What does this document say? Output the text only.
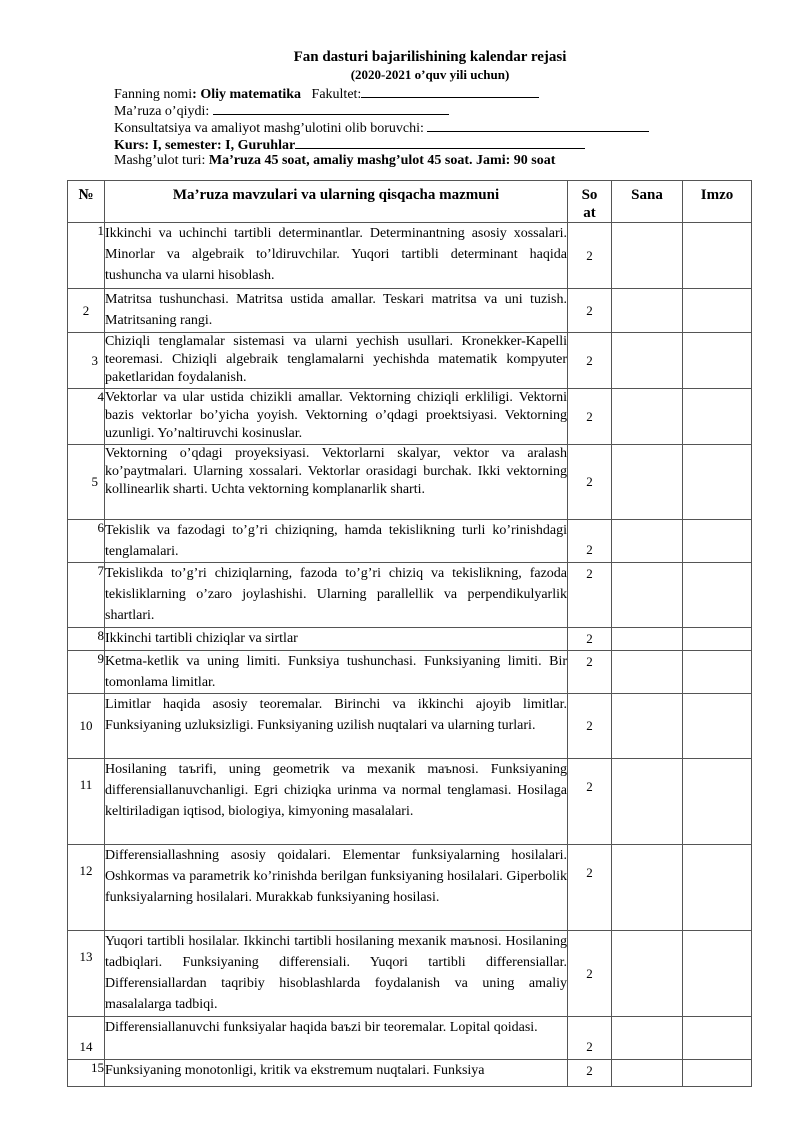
Fan dasturi bajarilishining kalendar rejasi
(2020-2021 o’quv yili uchun)
Fanning nomi: Oliy matematika Fakultet:
Ma’ruza o’qiydi:
Konsultatsiya va amaliyot mashg’ulotini olib boruvchi:
Kurs: I, semester: I, Guruhlar
Mashg’ulot turi: Ma’ruza 45 soat, amaliy mashg’ulot 45 soat. Jami: 90 soat
№	Ma’ruza mavzulari va ularning qisqacha mazmuni	Soat	Sana	Imzo
1	Ikkinchi va uchinchi tartibli determinantlar. Determinantning asosiy xossalari. Minorlar va algebraik to’ldiruvchilar. Yuqori tartibli determinant haqida tushuncha va ularni hisoblash.	2		
2	Matritsa tushunchasi. Matritsa ustida amallar. Teskari matritsa va uni tuzish. Matritsaning rangi.	2		
3	Chiziqli tenglamalar sistemasi va ularni yechish usullari. Kronekker-Kapelli teoremasi. Chiziqli algebraik tenglamalarni yechishda matematik kompyuter paketlaridan foydalanish.	2		
4	Vektorlar va ular ustida chizikli amallar. Vektorning chiziqli erkliligi. Vektorni bazis vektorlar bo’yicha yoyish. Vektorning o’qdagi proektsiyasi. Vektorning uzunligi. Yo’naltiruvchi kosinuslar.	2		
5	Vektorning o’qdagi proyeksiyasi. Vektorlarni skalyar, vektor va aralash ko’paytmalari. Ularning xossalari. Vektorlar orasidagi burchak. Ikki vektorning kollinearlik sharti. Uchta vektorning komplanarlik sharti.	2		
6	Tekislik va fazodagi to’g’ri chiziqning, hamda tekislikning turli ko’rinishdagi tenglamalari.	2		
7	Tekislikda to’g’ri chiziqlarning, fazoda to’g’ri chiziq va tekislikning, fazoda tekisliklarning o’zaro joylashishi. Ularning parallellik va perpendikulyarlik shartlari.	2		
8	Ikkinchi tartibli chiziqlar va sirtlar	2		
9	Ketma-ketlik va uning limiti. Funksiya tushunchasi. Funksiyaning limiti. Bir tomonlama limitlar.	2		
10	Limitlar haqida asosiy teoremalar. Birinchi va ikkinchi ajoyib limitlar. Funksiyaning uzluksizligi. Funksiyaning uzilish nuqtalari va ularning turlari.	2		
11	Hosilaning taъrifi, uning geometrik va mexanik maъnosi. Funksiyaning differensiallanuvchanligi. Egri chiziqka urinma va normal tenglamasi. Hosilaga keltiriladigan iqtisod, biologiya, kimyoning masalalari.	2		
12	Differensiallashning asosiy qoidalari. Elementar funksiyalarning hosilalari. Oshkormas va parametrik ko’rinishda berilgan funksiyaning hosilalari. Giperbolik funksiyalarning hosilalari. Murakkab funksiyaning hosilasi.	2		
13	Yuqori tartibli hosilalar. Ikkinchi tartibli hosilaning mexanik maъnosi. Hosilaning tadbiqlari. Funksiyaning differensiali. Yuqori tartibli differensiallar. Differensiallardan taqribiy hisoblashlarda foydalanish va uning amaliy masalalarga tadbiqi.	2		
14	Differensiallanuvchi funksiyalar haqida baъzi bir teoremalar. Lopital qoidasi.	2		
15	Funksiyaning monotonligi, kritik va ekstremum nuqtalari. Funksiya	2		
